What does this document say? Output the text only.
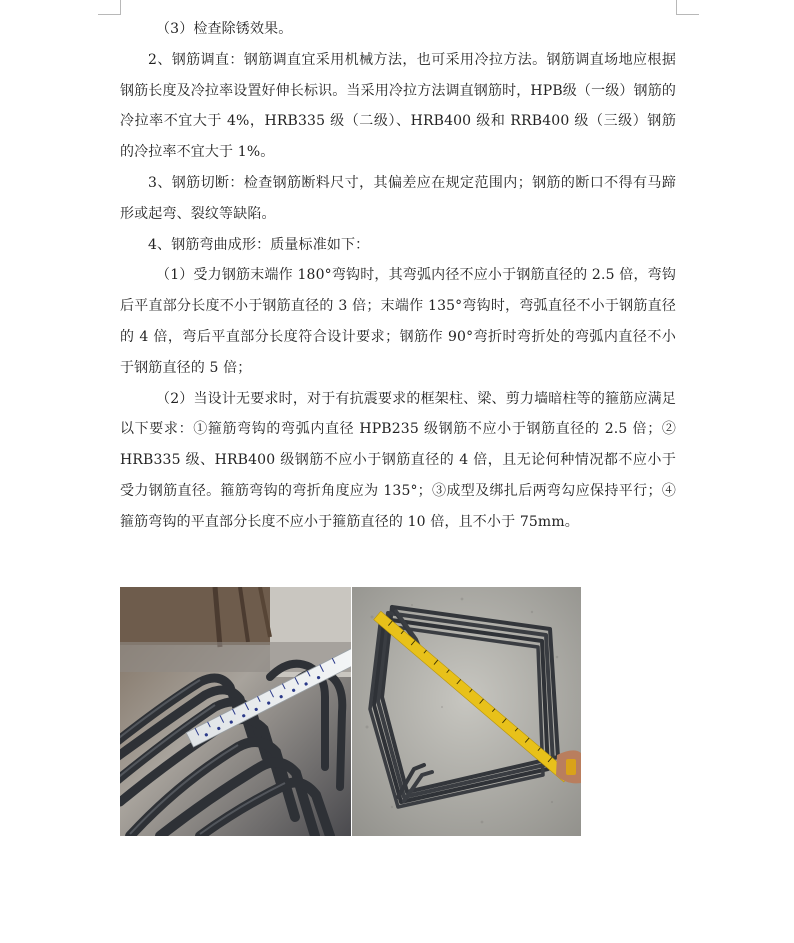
（3）检查除锈效果。

2、钢筋调直：钢筋调直宜采用机械方法，也可采用冷拉方法。钢筋调直场地应根据钢筋长度及冷拉率设置好伸长标识。当采用冷拉方法调直钢筋时，HPB级（一级）钢筋的冷拉率不宜大于 4%，HRB335 级（二级）、HRB400 级和 RRB400 级（三级）钢筋的冷拉率不宜大于 1%。

3、钢筋切断：检查钢筋断料尺寸，其偏差应在规定范围内；钢筋的断口不得有马蹄形或起弯、裂纹等缺陷。

4、钢筋弯曲成形：质量标准如下：

（1）受力钢筋末端作 180°弯钩时，其弯弧内径不应小于钢筋直径的 2.5 倍，弯钩后平直部分长度不小于钢筋直径的 3 倍；末端作 135°弯钩时，弯弧直径不小于钢筋直径的 4 倍，弯后平直部分长度符合设计要求；钢筋作 90°弯折时弯折处的弯弧内直径不小于钢筋直径的 5 倍；

（2）当设计无要求时，对于有抗震要求的框架柱、梁、剪力墙暗柱等的箍筋应满足以下要求：①箍筋弯钩的弯弧内直径 HPB235 级钢筋不应小于钢筋直径的 2.5 倍；② HRB335 级、HRB400 级钢筋不应小于钢筋直径的 4 倍，且无论何种情况都不应小于受力钢筋直径。箍筋弯钩的弯折角度应为 135°；③成型及绑扎后两弯勾应保持平行；④箍筋弯钩的平直部分长度不应小于箍筋直径的 10 倍，且不小于 75mm。
